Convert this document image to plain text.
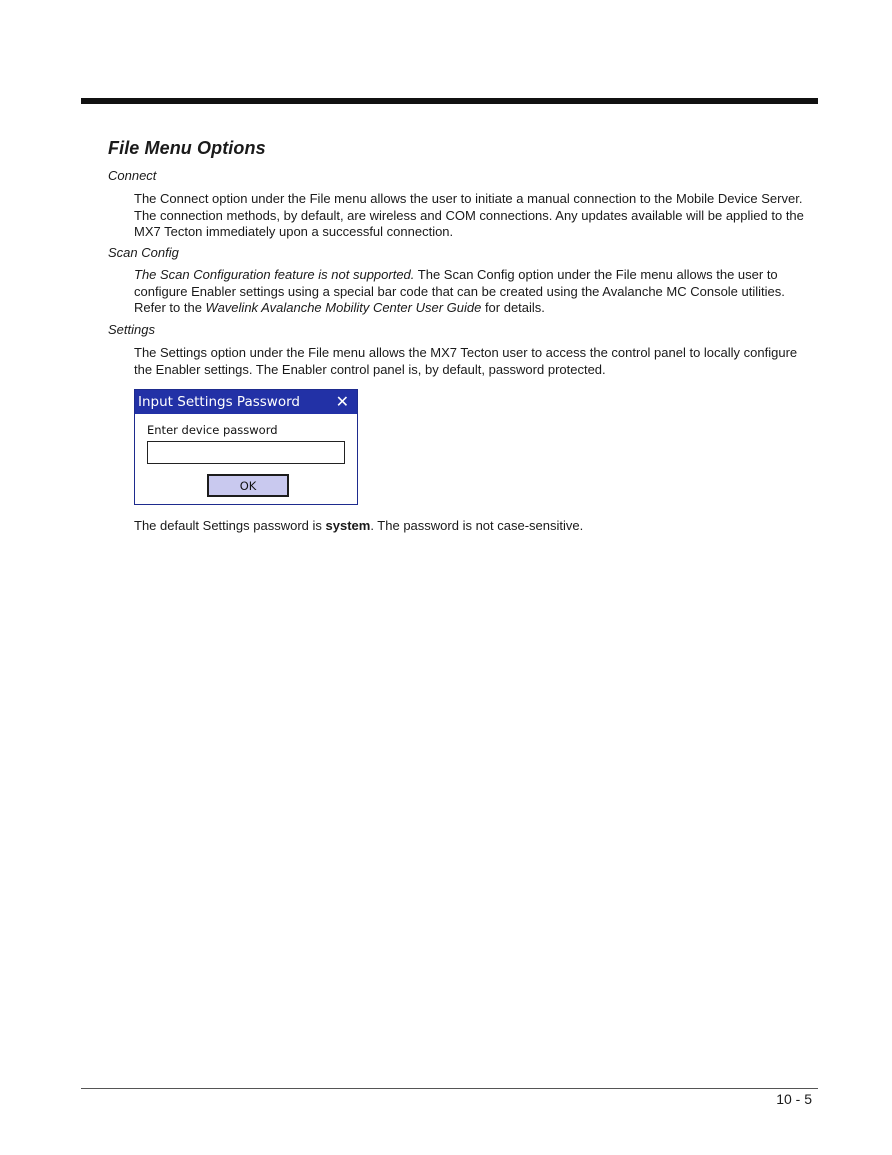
File Menu Options

Connect

The Connect option under the File menu allows the user to initiate a manual connection to the Mobile Device Server. The connection methods, by default, are wireless and COM connections. Any updates available will be applied to the MX7 Tecton immediately upon a successful connection.

Scan Config

The Scan Configuration feature is not supported. The Scan Config option under the File menu allows the user to configure Enabler settings using a special bar code that can be created using the Avalanche MC Console utilities. Refer to the Wavelink Avalanche Mobility Center User Guide for details.

Settings

The Settings option under the File menu allows the MX7 Tecton user to access the control panel to locally configure the Enabler settings. The Enabler control panel is, by default, password protected.

Input Settings Password ✕
Enter device password
OK

The default Settings password is system. The password is not case-sensitive.

10 - 5
